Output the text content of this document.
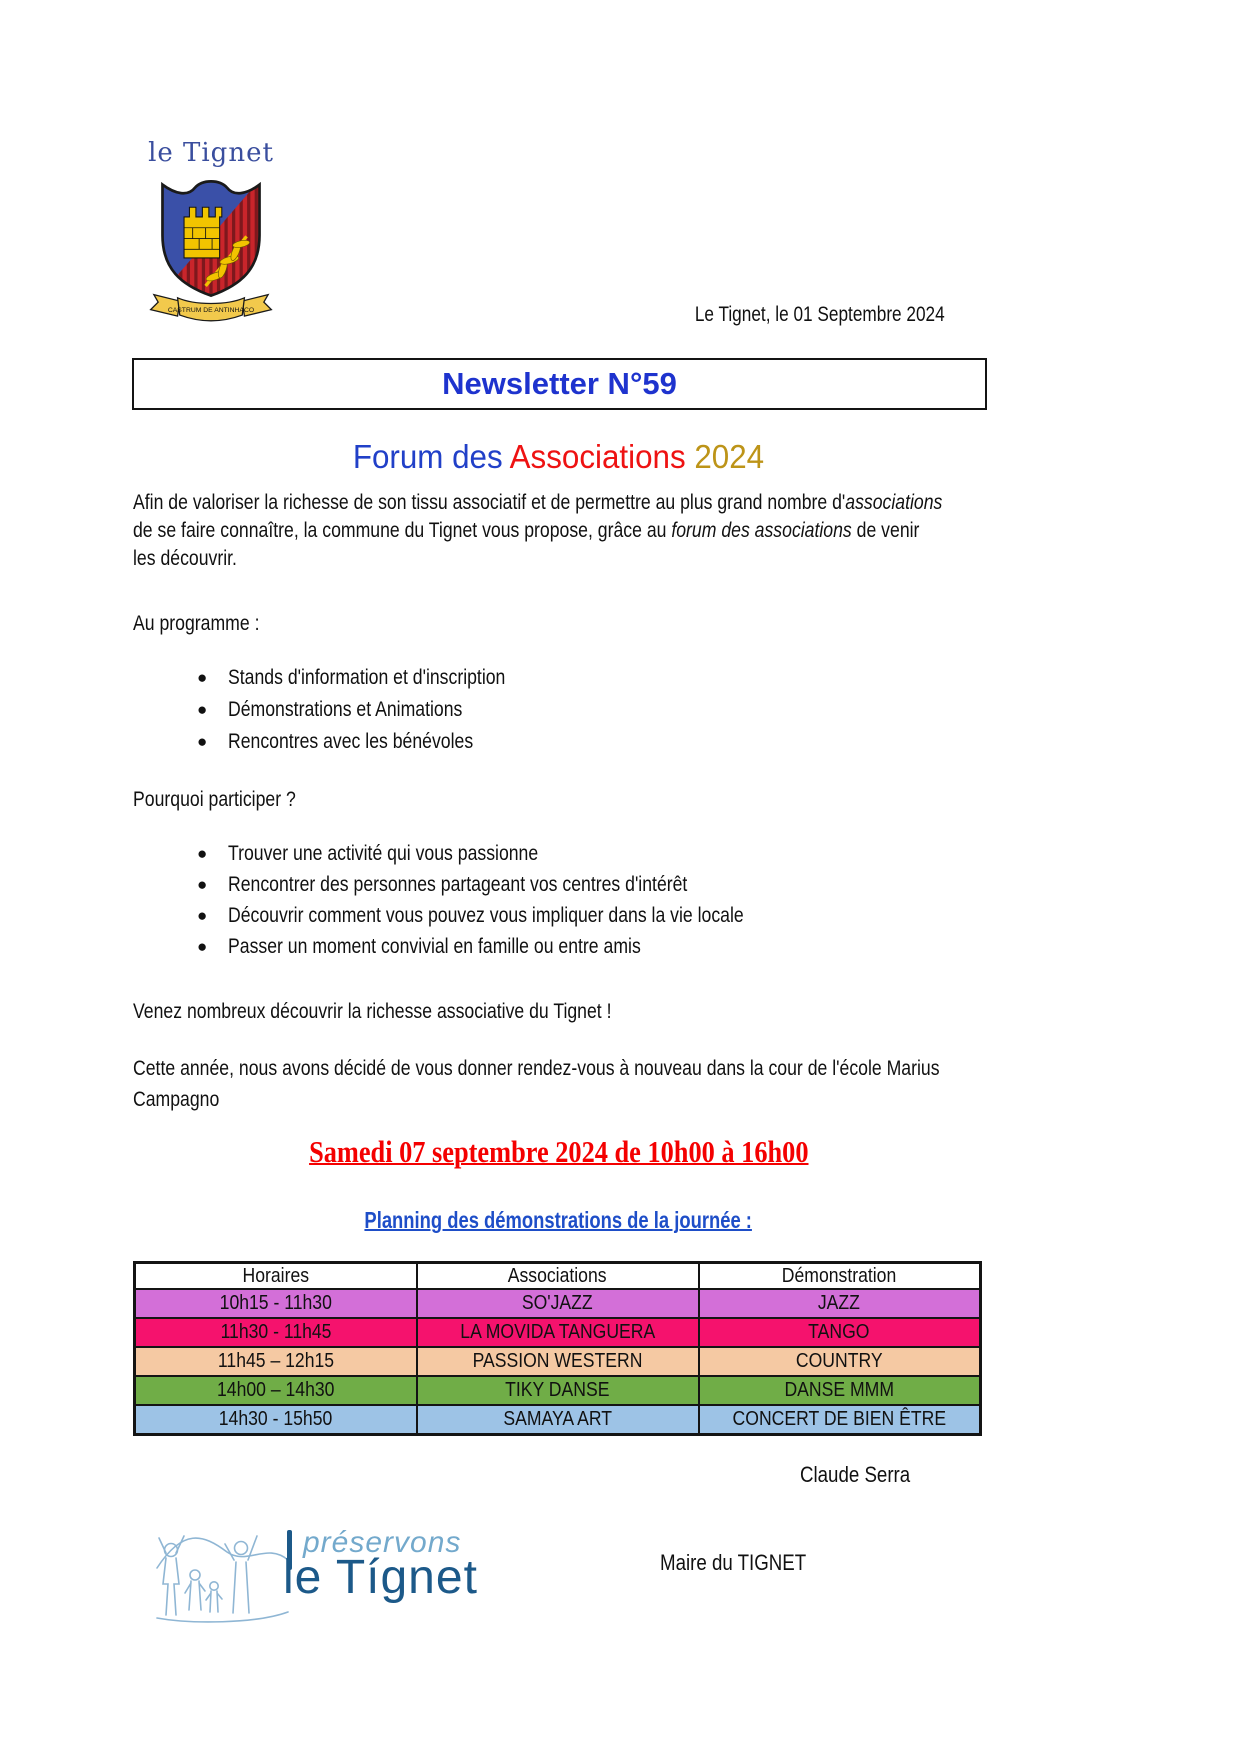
le Tignet
CASTRUM DE ANTINHACO	Le Tignet, le 01 Septembre 2024
Newsletter N°59
Forum des Associations 2024
Afin de valoriser la richesse de son tissu associatif et de permettre au plus grand nombre d'associations
de se faire connaître, la commune du Tignet vous propose, grâce au forum des associations de venir
les découvrir.
Au programme :
● Stands d'information et d'inscription
● Démonstrations et Animations
● Rencontres avec les bénévoles
Pourquoi participer ?
● Trouver une activité qui vous passionne
● Rencontrer des personnes partageant vos centres d'intérêt
● Découvrir comment vous pouvez vous impliquer dans la vie locale
● Passer un moment convivial en famille ou entre amis
Venez nombreux découvrir la richesse associative du Tignet !
Cette année, nous avons décidé de vous donner rendez-vous à nouveau dans la cour de l'école Marius
Campagno
Samedi 07 septembre 2024 de 10h00 à 16h00
Planning des démonstrations de la journée :
Horaires	Associations	Démonstration
10h15 - 11h30	SO'JAZZ	JAZZ
11h30 - 11h45	LA MOVIDA TANGUERA	TANGO
11h45 – 12h15	PASSION WESTERN	COUNTRY
14h00 – 14h30	TIKY DANSE	DANSE MMM
14h30 - 15h50	SAMAYA ART	CONCERT DE BIEN ÊTRE
Claude Serra
Maire du TIGNET
préservons
le Tígnet
